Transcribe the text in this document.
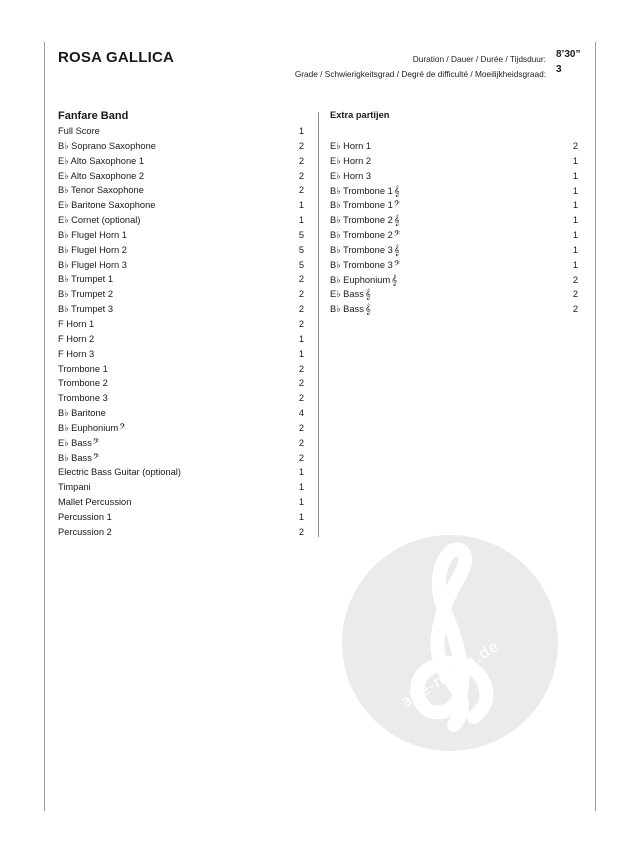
ROSA GALLICA	Duration / Dauer / Durée / Tijdsduur:
Grade / Schwierigkeitsgrad / Degré de difficulté / Moeilijkheidsgraad:
8’30”
3
Fanfare Band
Full Score	1
B♭ Soprano Saxophone	2
E♭ Alto Saxophone 1	2
E♭ Alto Saxophone 2	2
B♭ Tenor Saxophone	2
E♭ Baritone Saxophone	1
E♭ Cornet (optional)	1
B♭ Flugel Horn 1	5
B♭ Flugel Horn 2	5
B♭ Flugel Horn 3	5
B♭ Trumpet 1	2
B♭ Trumpet 2	2
B♭ Trumpet 3	2
F Horn 1	2
F Horn 2	1
F Horn 3	1
Trombone 1	2
Trombone 2	2
Trombone 3	2
B♭ Baritone	4
B♭ Euphonium𝄢	2
E♭ Bass𝄢	2
B♭ Bass𝄢	2
Electric Bass Guitar (optional)	1
Timpani	1
Mallet Percussion	1
Percussion 1	1
Percussion 2	2
Extra partijen
E♭ Horn 1	2
E♭ Horn 2	1
E♭ Horn 3	1
B♭ Trombone 1𝄞	1
B♭ Trombone 1𝄢	1
B♭ Trombone 2𝄞	1
B♭ Trombone 2𝄢	1
B♭ Trombone 3𝄞	1
B♭ Trombone 3𝄢	1
B♭ Euphonium𝄞	2
E♭ Bass𝄞	2
B♭ Bass𝄞	2
alle-noten.de
